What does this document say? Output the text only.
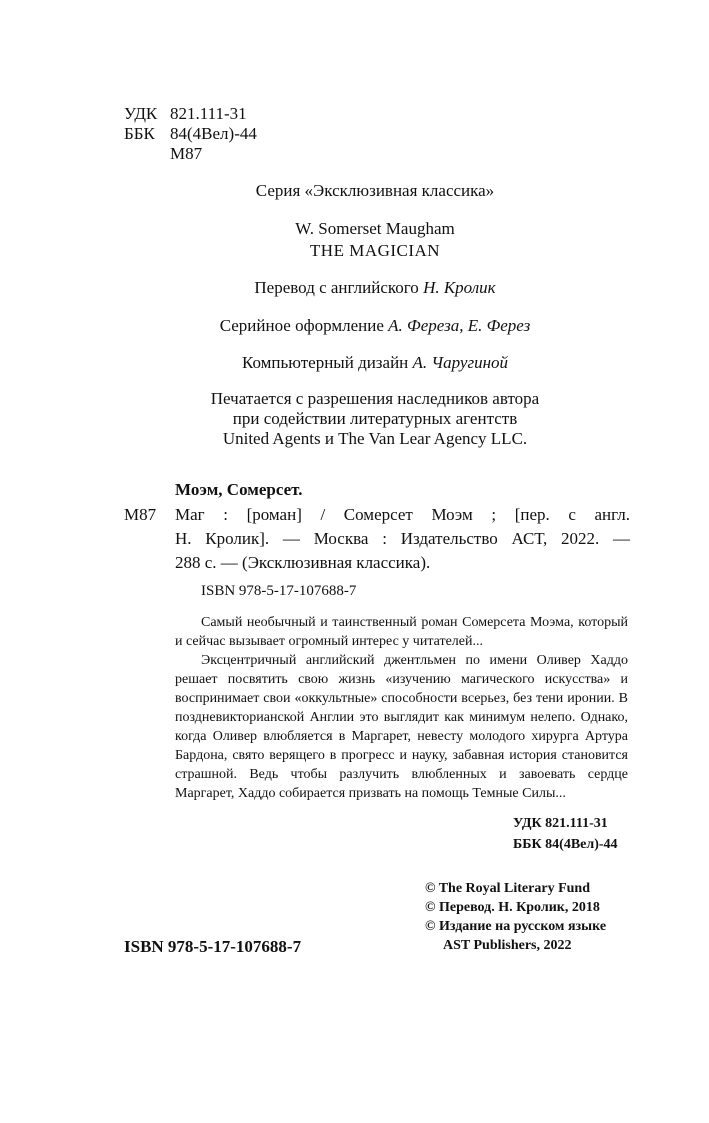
УДК 821.111-31
ББК 84(4Вел)-44
М87
Серия «Эксклюзивная классика»
W. Somerset Maugham
THE MAGICIAN
Перевод с английского Н. Кролик
Серийное оформление А. Фереза, Е. Ферез
Компьютерный дизайн А. Чаругиной
Печатается с разрешения наследников автора
при содействии литературных агентств
United Agents и The Van Lear Agency LLC.
Моэм, Сомерсет.
М87 Маг : [роман] / Сомерсет Моэм ; [пер. с англ.
Н. Кролик]. — Москва : Издательство АСТ, 2022. —
288 с. — (Эксклюзивная классика).
ISBN 978-5-17-107688-7

Самый необычный и таинственный роман Сомерсета Моэма, который и сейчас вызывает огромный интерес у читателей...

Эксцентричный английский джентльмен по имени Оливер Хаддо решает посвятить свою жизнь «изучению магического искусства» и воспринимает свои «оккультные» способности всерьез, без тени иронии. В поздневикторианской Англии это выглядит как минимум нелепо. Однако, когда Оливер влюбляется в Маргарет, невесту молодого хирурга Артура Бардона, свято верящего в прогресс и науку, забавная история становится страшной. Ведь чтобы разлучить влюбленных и завоевать сердце Маргарет, Хаддо собирается призвать на помощь Темные Силы...

УДК 821.111-31
ББК 84(4Вел)-44
© The Royal Literary Fund
© Перевод. Н. Кролик, 2018
© Издание на русском языке
AST Publishers, 2022
ISBN 978-5-17-107688-7
